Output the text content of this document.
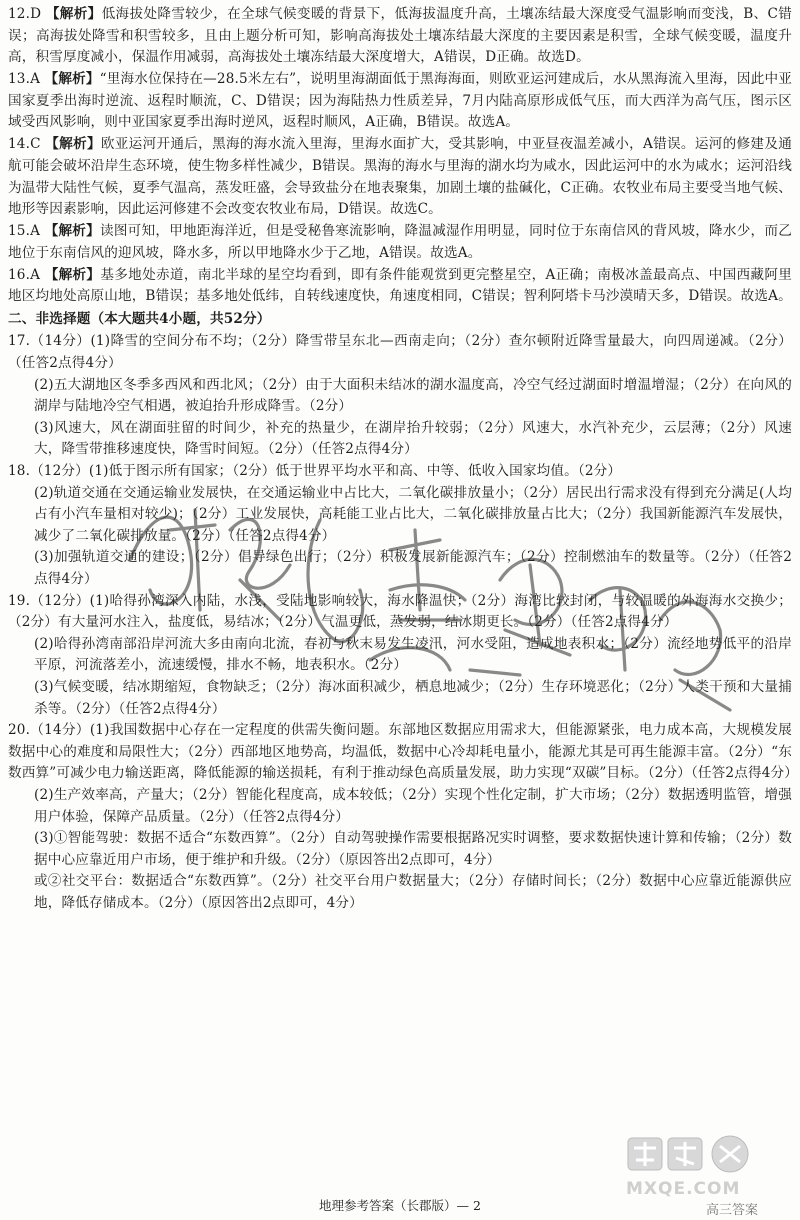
12.D 【解析】低海拔处降雪较少，在全球气候变暖的背景下，低海拔温度升高，土壤冻结最大深度受气温影响而变浅，B、C错误；高海拔处降雪和积雪较多，且由上题分析可知，影响高海拔处土壤冻结最大深度的主要因素是积雪，全球气候变暖，温度升高，积雪厚度减小，保温作用减弱，高海拔处土壤冻结最大深度增大，A错误，D正确。故选D。

13.A 【解析】“里海水位保持在—28.5米左右”，说明里海湖面低于黑海海面，则欧亚运河建成后，水从黑海流入里海，因此中亚国家夏季出海时逆流、返程时顺流，C、D错误；因为海陆热力性质差异，7月内陆高原形成低气压，而大西洋为高气压，图示区域受西风影响，则中亚国家夏季出海时逆风，返程时顺风，A正确，B错误。故选A。

14.C 【解析】欧亚运河开通后，黑海的海水流入里海，里海水面扩大，受其影响，中亚昼夜温差减小，A错误。运河的修建及通航可能会破坏沿岸生态环境，使生物多样性减少，B错误。黑海的海水与里海的湖水均为咸水，因此运河中的水为咸水；运河沿线为温带大陆性气候，夏季气温高，蒸发旺盛，会导致盐分在地表聚集，加剧土壤的盐碱化，C正确。农牧业布局主要受当地气候、地形等因素影响，因此运河修建不会改变农牧业布局，D错误。故选C。

15.A 【解析】读图可知，甲地距海洋近，但是受秘鲁寒流影响，降温减湿作用明显，同时位于东南信风的背风坡，降水少，而乙地位于东南信风的迎风坡，降水多，所以甲地降水少于乙地，A错误。故选A。

16.A 【解析】基多地处赤道，南北半球的星空均看到，即有条件能观赏到更完整星空，A正确；南极冰盖最高点、中国西藏阿里地区均地处高原山地，B错误；基多地处低纬，自转线速度快，角速度相同，C错误；智利阿塔卡马沙漠晴天多，D错误。故选A。

二、非选择题（本大题共4小题，共52分）

17.（14分）(1)降雪的空间分布不均；（2分）降雪带呈东北—西南走向；（2分）查尔顿附近降雪量最大，向四周递减。（2分）（任答2点得4分）

(2)五大湖地区冬季多西风和西北风；（2分）由于大面积未结冰的湖水温度高，冷空气经过湖面时增温增湿；（2分）在向风的湖岸与陆地冷空气相遇，被迫抬升形成降雪。（2分）

(3)风速大，风在湖面驻留的时间少，补充的热量少，在湖岸抬升较弱；（2分）风速大，水汽补充少，云层薄；（2分）风速大，降雪带推移速度快，降雪时间短。（2分）（任答2点得4分）

18.（12分）(1)低于图示所有国家；（2分）低于世界平均水平和高、中等、低收入国家均值。（2分）

(2)轨道交通在交通运输业发展快，在交通运输业中占比大，二氧化碳排放量小；（2分）居民出行需求没有得到充分满足(人均占有小汽车量相对较少)；（2分）工业发展快，高耗能工业占比大，二氧化碳排放量占比大；（2分）我国新能源汽车发展快，减少了二氧化碳排放量。（2分）（任答2点得4分）

(3)加强轨道交通的建设；（2分）倡导绿色出行；（2分）积极发展新能源汽车；（2分）控制燃油车的数量等。（2分）（任答2点得4分）

19.（12分）(1)哈得孙湾深入内陆，水浅，受陆地影响较大，海水降温快；（2分）海湾比较封闭，与较温暖的外海海水交换少；（2分）有大量河水注入，盐度低，易结冰；（2分）气温更低，蒸发弱，结冰期更长。（2分）（任答2点得4分）

(2)哈得孙湾南部沿岸河流大多由南向北流，春初与秋末易发生凌汛，河水受阻，造成地表积水；（2分）流经地势低平的沿岸平原，河流落差小，流速缓慢，排水不畅，地表积水。（2分）

(3)气候变暖，结冰期缩短，食物缺乏；（2分）海冰面积减少，栖息地减少；（2分）生存环境恶化；（2分）人类干预和大量捕杀等。（2分）（任答2点得4分）

20.（14分）(1)我国数据中心存在一定程度的供需失衡问题。东部地区数据应用需求大，但能源紧张，电力成本高，大规模发展数据中心的难度和局限性大；（2分）西部地区地势高，均温低，数据中心冷却耗电量小，能源尤其是可再生能源丰富。（2分）“东数西算”可减少电力输送距离，降低能源的输送损耗，有利于推动绿色高质量发展，助力实现“双碳”目标。（2分）（任答2点得4分）

(2)生产效率高，产量大；（2分）智能化程度高，成本较低；（2分）实现个性化定制，扩大市场；（2分）数据透明监管，增强用户体验，保障产品质量。（2分）（任答2点得4分）

(3)①智能驾驶：数据不适合“东数西算”。（2分）自动驾驶操作需要根据路况实时调整，要求数据快速计算和传输；（2分）数据中心应靠近用户市场，便于维护和升级。（2分）（原因答出2点即可，4分）

或②社交平台：数据适合“东数西算”。（2分）社交平台用户数据量大；（2分）存储时间长；（2分）数据中心应靠近能源供应地，降低存储成本。（2分）（原因答出2点即可，4分）

MXQE.COM
高三答案
地理参考答案（长郡版）— 2
